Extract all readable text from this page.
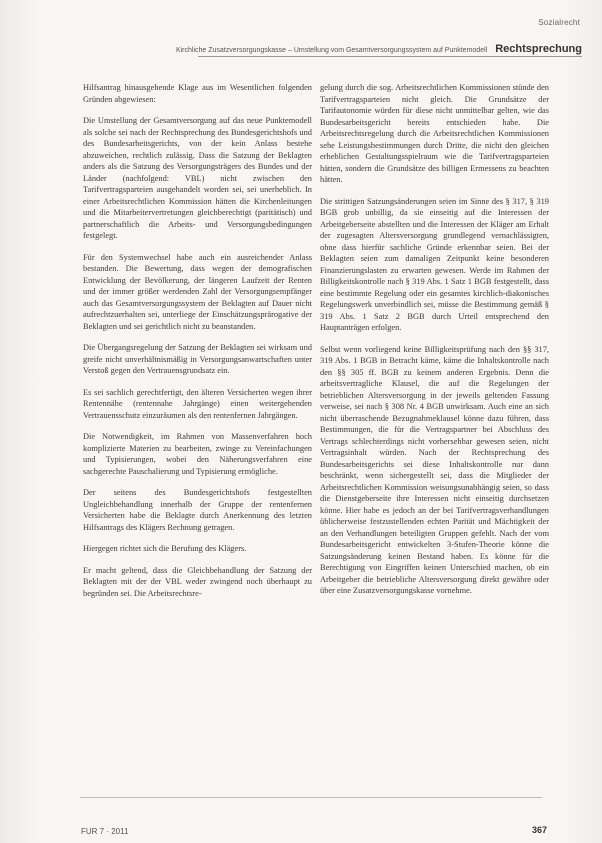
Sozialrecht
Kirchliche Zusatzversorgungskasse – Umstellung vom Gesamtversorgungssystem auf Punktemodell Rechtsprechung

Hilfsantrag hinausgehende Klage aus im Wesentlichen folgenden Gründen abgewiesen:

Die Umstellung der Gesamtversorgung auf das neue Punktemodell als solche sei nach der Rechtsprechung des Bundesgerichtshofs und des Bundesarbeitsgerichts, von der kein Anlass bestehe abzuweichen, rechtlich zulässig. Dass die Satzung der Beklagten anders als die Satzung des Versorgungsträgers des Bundes und der Länder (nachfolgend: VBL) nicht zwischen den Tarifvertragsparteien ausgehandelt worden sei, sei unerheblich. In einer Arbeitsrechtlichen Kommission hätten die Kirchenleitungen und die Mitarbeitervertretungen gleichberechtigt (paritätisch) und partnerschaftlich die Arbeits- und Versorgungsbedingungen festgelegt.

Für den Systemwechsel habe auch ein ausreichender Anlass bestanden. Die Bewertung, dass wegen der demografischen Entwicklung der Bevölkerung, der längeren Laufzeit der Renten und der immer größer werdenden Zahl der Versorgungsempfänger auch das Gesamtversorgungssystem der Beklagten auf Dauer nicht aufrechtzuerhalten sei, unterliege der Einschätzungsprärogative der Beklagten und sei gerichtlich nicht zu beanstanden.

Die Übergangsregelung der Satzung der Beklagten sei wirksam und greife nicht unverhältnismäßig in Versorgungsanwartschaften unter Verstoß gegen den Vertrauensgrundsatz ein.

Es sei sachlich gerechtfertigt, den älteren Versicherten wegen ihrer Rentennähe (rentennahe Jahrgänge) einen weitergehenden Vertrauensschutz einzuräumen als den rentenfernen Jahrgängen.

Die Notwendigkeit, im Rahmen von Massenverfahren hoch komplizierte Materien zu bearbeiten, zwinge zu Vereinfachungen und Typisierungen, wobei den Näherungsverfahren eine sachgerechte Pauschalierung und Typisierung ermögliche.

Der seitens des Bundesgerichtshofs festgestellten Ungleichbehandlung innerhalb der Gruppe der rentenfernen Versicherten habe die Beklagte durch Anerkennung des letzten Hilfsantrags des Klägers Rechnung getragen.

Hiergegen richtet sich die Berufung des Klägers.

Er macht geltend, dass die Gleichbehandlung der Satzung der Beklagten mit der der VBL weder zwingend noch überhaupt zu begründen sei. Die Arbeitsrechtsre-

gelung durch die sog. Arbeitsrechtlichen Kommissionen stünde den Tarifvertragsparteien nicht gleich. Die Grundsätze der Tarifautonomie würden für diese nicht unmittelbar gelten, wie das Bundesarbeitsgericht bereits entschieden habe. Die Arbeitsrechtsregelung durch die Arbeitsrechtlichen Kommissionen sehe Leistungsbestimmungen durch Dritte, die nicht den gleichen erheblichen Gestaltungsspielraum wie die Tarifvertragsparteien hätten, sondern die Grundsätze des billigen Ermessens zu beachten hätten.

Die strittigen Satzungsänderungen seien im Sinne des § 317, § 319 BGB grob unbillig, da sie einseitig auf die Interessen der Arbeitgeberseite abstellten und die Interessen der Kläger am Erhalt der zugesagten Altersversorgung grundlegend vernachlässigten, ohne dass hierfür sachliche Gründe erkennbar seien. Bei der Beklagten seien zum damaligen Zeitpunkt keine besonderen Finanzierungslasten zu erwarten gewesen. Werde im Rahmen der Billigkeitskontrolle nach § 319 Abs. 1 Satz 1 BGB festgestellt, dass eine bestimmte Regelung oder ein gesamtes kirchlich-diakonisches Regelungswerk unverbindlich sei, müsse die Bestimmung gemäß § 319 Abs. 1 Satz 2 BGB durch Urteil entsprechend den Hauptanträgen erfolgen.

Selbst wenn vorliegend keine Billigkeitsprüfung nach den §§ 317, 319 Abs. 1 BGB in Betracht käme, käme die Inhaltskontrolle nach den §§ 305 ff. BGB zu keinem anderen Ergebnis. Denn die arbeitsvertragliche Klausel, die auf die Regelungen der betrieblichen Altersversorgung in der jeweils geltenden Fassung verweise, sei nach § 308 Nr. 4 BGB unwirksam. Auch eine an sich nicht überraschende Bezugnahmeklausel könne dazu führen, dass Bestimmungen, die für die Vertragspartner bei Abschluss des Vertrags schlechterdings nicht vorhersehbar gewesen seien, nicht Vertragsinhalt würden. Nach der Rechtsprechung des Bundesarbeitsgerichts sei diese Inhaltskontrolle nur dann beschränkt, wenn sichergestellt sei, dass die Mitglieder der Arbeitsrechtlichen Kommission weisungsunabhängig seien, so dass die Dienstgeberseite ihre Interessen nicht einseitig durchsetzen könne. Hier habe es jedoch an der bei Tarifvertragsverhandlungen üblicherweise festzustellenden echten Parität und Mächtigkeit der an den Verhandlungen beteiligten Gruppen gefehlt. Nach der vom Bundesarbeitsgericht entwickelten 3-Stufen-Theorie könne die Satzungsänderung keinen Bestand haben. Es könne für die Berechtigung von Eingriffen keinen Unterschied machen, ob ein Arbeitgeber die betriebliche Altersversorgung direkt gewähre oder über eine Zusatzversorgungskasse vornehme.

FUR 7 · 2011	367
